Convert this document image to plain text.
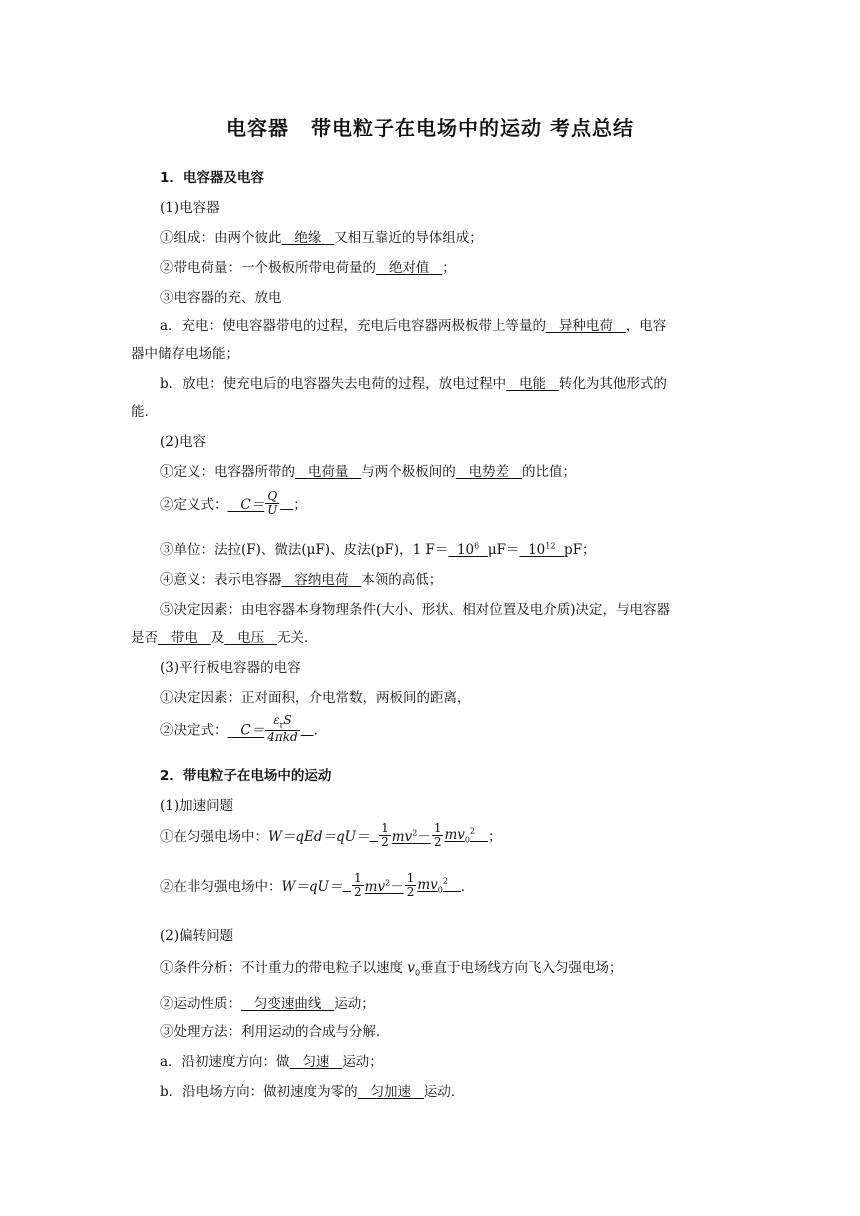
电容器 带电粒子在电场中的运动 考点总结
1．电容器及电容
(1)电容器
①组成：由两个彼此 绝缘 又相互靠近的导体组成；
②带电荷量：一个极板所带电荷量的 绝对值 ；
③电容器的充、放电
a．充电：使电容器带电的过程，充电后电容器两极板带上等量的 异种电荷 ，电容
器中储存电场能；
b．放电：使充电后的电容器失去电荷的过程，放电过程中 电能 转化为其他形式的
能．
(2)电容
①定义：电容器所带的 电荷量 与两个极板间的 电势差 的比值；
②定义式： $C= \frac{Q}{U}$ ；
③单位：法拉(F)、微法(μF)、皮法(pF)，1 $F= 10^6$ $\mu F= 10^{12}$ pF；
④意义：表示电容器 容纳电荷 本领的高低；
⑤决定因素：由电容器本身物理条件(大小、形状、相对位置及电介质)决定，与电容器
是否 带电 及 电压 无关．
(3)平行板电容器的电容
①决定因素：正对面积，介电常数，两板间的距离，
②决定式： $C= \frac{\varepsilon_rS}{\text{4πkd}}$ ．
2．带电粒子在电场中的运动
(1)加速问题
①在匀强电场中：$W=qEd=qU= \frac{1}{2} mv^2- \frac{1}{2} mv_0^2$ ；
②在非匀强电场中：$W=qU= \frac{1}{2} mv^2- \frac{1}{2} mv_0^2$ ．
(2)偏转问题
①条件分析：不计重力的带电粒子以速度 $v_0$垂直于电场线方向飞入匀强电场；
②运动性质： 匀变速曲线 运动；
③处理方法：利用运动的合成与分解．
a．沿初速度方向：做 匀速 运动；
b．沿电场方向：做初速度为零的 匀加速 运动．
